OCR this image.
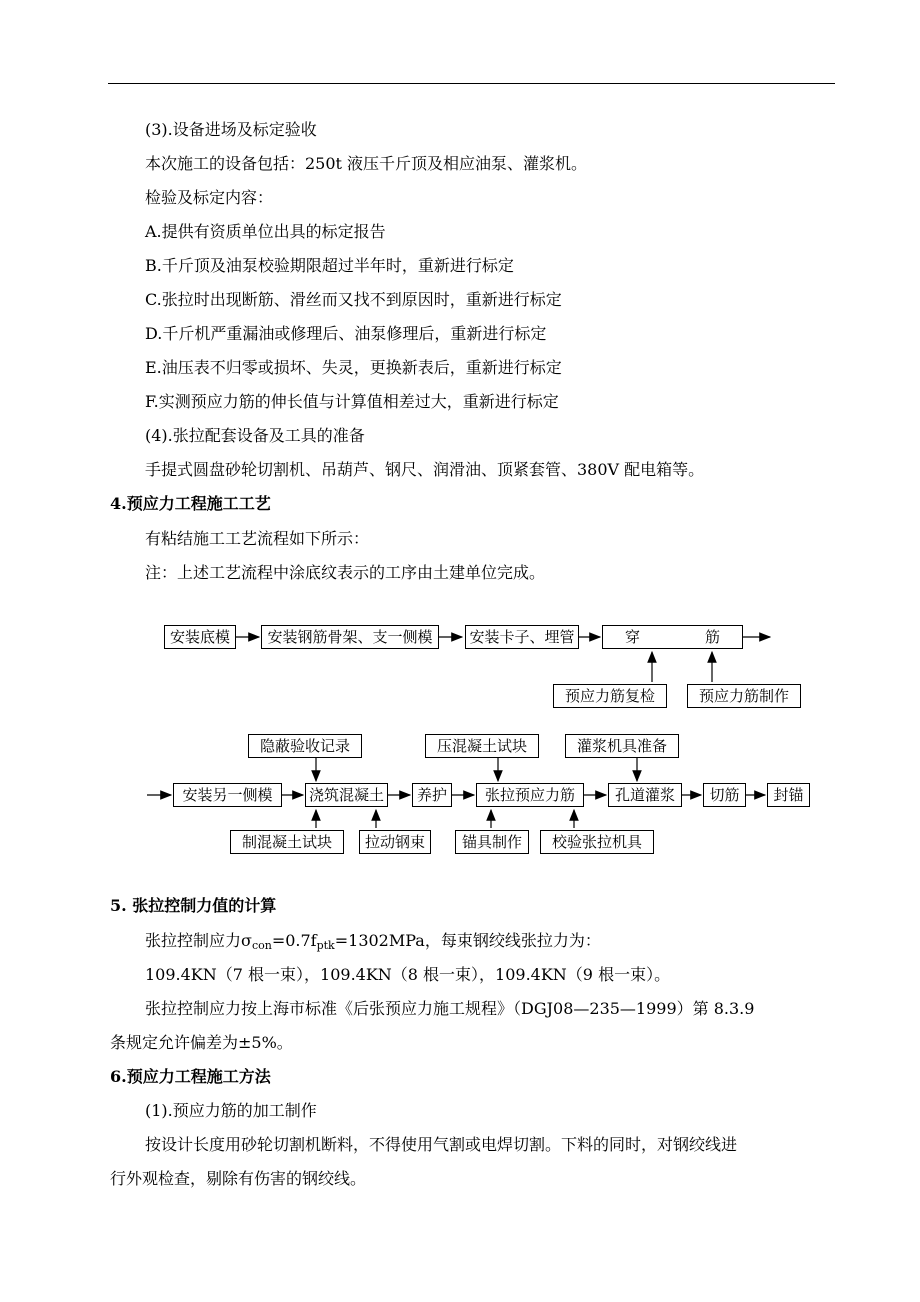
(3).设备进场及标定验收
本次施工的设备包括：250t 液压千斤顶及相应油泵、灌浆机。
检验及标定内容：
A.提供有资质单位出具的标定报告
B.千斤顶及油泵校验期限超过半年时，重新进行标定
C.张拉时出现断筋、滑丝而又找不到原因时，重新进行标定
D.千斤机严重漏油或修理后、油泵修理后，重新进行标定
E.油压表不归零或损坏、失灵，更换新表后，重新进行标定
F.实测预应力筋的伸长值与计算值相差过大，重新进行标定
(4).张拉配套设备及工具的准备
手提式圆盘砂轮切割机、吊葫芦、钢尺、润滑油、顶紧套管、380V 配电箱等。
4.预应力工程施工工艺
有粘结施工工艺流程如下所示：
注：上述工艺流程中涂底纹表示的工序由土建单位完成。
安装底模	安装钢筋骨架、支一侧模	安装卡子、埋管	穿	筋
预应力筋复检	预应力筋制作
隐蔽验收记录	压混凝土试块	灌浆机具准备
安装另一侧模	浇筑混凝土	养护	张拉预应力筋	孔道灌浆	切筋	封锚
制混凝土试块	拉动钢束	锚具制作	校验张拉机具
5. 张拉控制力值的计算
张拉控制应力$\sigma_{con}=0.7f_{ptk}=1302MPa$，每束钢绞线张拉力为：
109.4KN（7 根一束），109.4KN（8 根一束），109.4KN（9 根一束）。
张拉控制应力按上海市标准《后张预应力施工规程》（DGJ08—235—1999）第 8.3.9
条规定允许偏差为±5%。
6.预应力工程施工方法
(1).预应力筋的加工制作
按设计长度用砂轮切割机断料，不得使用气割或电焊切割。下料的同时，对钢绞线进
行外观检查，剔除有伤害的钢绞线。
